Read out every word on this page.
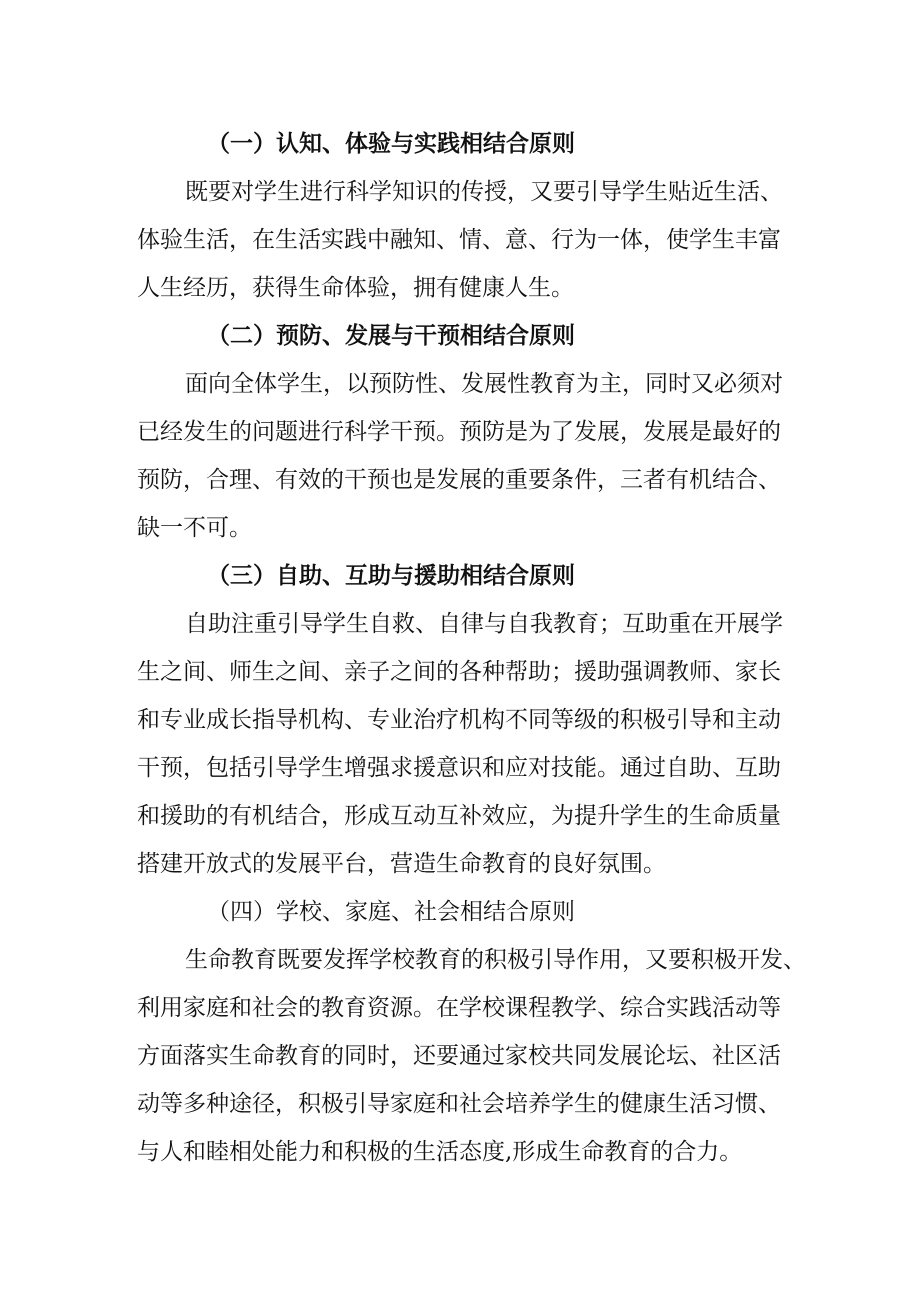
（一）认知、体验与实践相结合原则
既要对学生进行科学知识的传授，又要引导学生贴近生活、
体验生活，在生活实践中融知、情、意、行为一体，使学生丰富
人生经历，获得生命体验，拥有健康人生。
（二）预防、发展与干预相结合原则
面向全体学生，以预防性、发展性教育为主，同时又必须对
已经发生的问题进行科学干预。预防是为了发展，发展是最好的
预防，合理、有效的干预也是发展的重要条件，三者有机结合、
缺一不可。
（三）自助、互助与援助相结合原则
自助注重引导学生自救、自律与自我教育；互助重在开展学
生之间、师生之间、亲子之间的各种帮助；援助强调教师、家长
和专业成长指导机构、专业治疗机构不同等级的积极引导和主动
干预，包括引导学生增强求援意识和应对技能。通过自助、互助
和援助的有机结合，形成互动互补效应，为提升学生的生命质量
搭建开放式的发展平台，营造生命教育的良好氛围。
（四）学校、家庭、社会相结合原则
生命教育既要发挥学校教育的积极引导作用，又要积极开发、
利用家庭和社会的教育资源。在学校课程教学、综合实践活动等
方面落实生命教育的同时，还要通过家校共同发展论坛、社区活
动等多种途径，积极引导家庭和社会培养学生的健康生活习惯、
与人和睦相处能力和积极的生活态度,形成生命教育的合力。
